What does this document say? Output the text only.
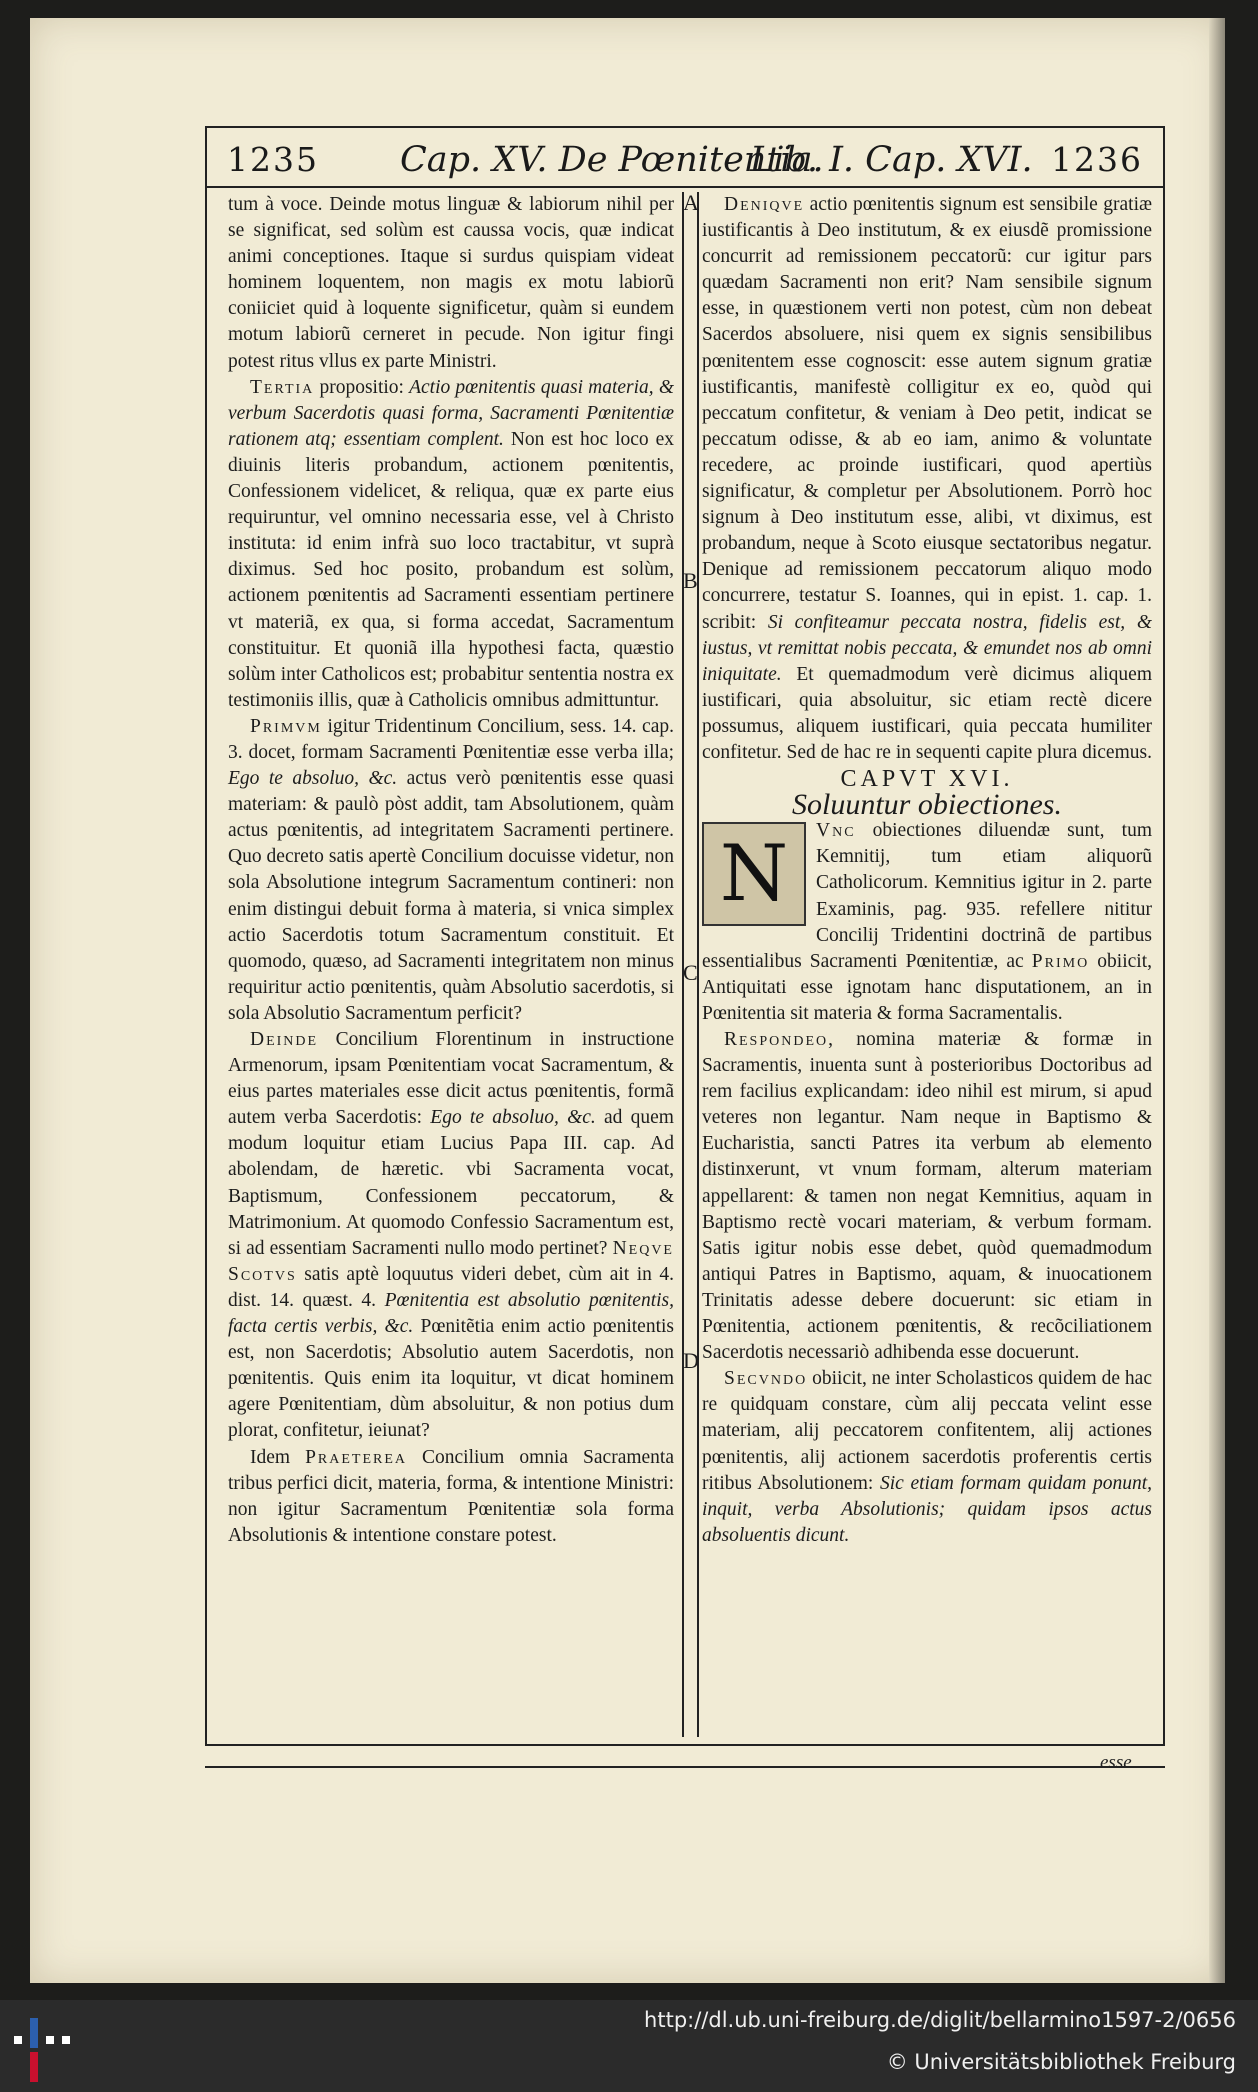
1235 Cap. XV. De Pœnitentia.
Lib. I. Cap. XVI. 1236
A
B
C
D

tum à voce. Deinde motus linguæ & labiorum nihil per se significat, sed solùm est caussa vocis, quæ indicat animi conceptiones. Itaque si surdus quispiam videat hominem loquentem, non magis ex motu labiorũ coniiciet quid à loquente significetur, quàm si eundem motum labiorũ cerneret in pecude. Non igitur fingi potest ritus vllus ex parte Ministri.

Tertia propositio: Actio pœnitentis quasi materia, & verbum Sacerdotis quasi forma, Sacramenti Pœnitentiæ rationem atq; essentiam complent. Non est hoc loco ex diuinis literis probandum, actionem pœnitentis, Confessionem videlicet, & reliqua, quæ ex parte eius requiruntur, vel omnino necessaria esse, vel à Christo instituta: id enim infrà suo loco tractabitur, vt suprà diximus. Sed hoc posito, probandum est solùm, actionem pœnitentis ad Sacramenti essentiam pertinere vt materiã, ex qua, si forma accedat, Sacramentum constituitur. Et quoniã illa hypothesi facta, quæstio solùm inter Catholicos est; probabitur sententia nostra ex testimoniis illis, quæ à Catholicis omnibus admittuntur.

Primvm igitur Tridentinum Concilium, sess. 14. cap. 3. docet, formam Sacramenti Pœnitentiæ esse verba illa; Ego te absoluo, &c. actus verò pœnitentis esse quasi materiam: & paulò pòst addit, tam Absolutionem, quàm actus pœnitentis, ad integritatem Sacramenti pertinere. Quo decreto satis apertè Concilium docuisse videtur, non sola Absolutione integrum Sacramentum contineri: non enim distingui debuit forma à materia, si vnica simplex actio Sacerdotis totum Sacramentum constituit. Et quomodo, quæso, ad Sacramenti integritatem non minus requiritur actio pœnitentis, quàm Absolutio sacerdotis, si sola Absolutio Sacramentum perficit?

Deinde Concilium Florentinum in instructione Armenorum, ipsam Pœnitentiam vocat Sacramentum, & eius partes materiales esse dicit actus pœnitentis, formã autem verba Sacerdotis: Ego te absoluo, &c. ad quem modum loquitur etiam Lucius Papa III. cap. Ad abolendam, de hæretic. vbi Sacramenta vocat, Baptismum, Confessionem peccatorum, & Matrimonium. At quomodo Confessio Sacramentum est, si ad essentiam Sacramenti nullo modo pertinet? Neqve Scotvs satis aptè loquutus videri debet, cùm ait in 4. dist. 14. quæst. 4. Pœnitentia est absolutio pœnitentis, facta certis verbis, &c. Pœnitẽtia enim actio pœnitentis est, non Sacerdotis; Absolutio autem Sacerdotis, non pœnitentis. Quis enim ita loquitur, vt dicat hominem agere Pœnitentiam, dùm absoluitur, & non potius dum plorat, confitetur, ieiunat?

Idem Praeterea Concilium omnia Sacramenta tribus perfici dicit, materia, forma, & intentione Ministri: non igitur Sacramentum Pœnitentiæ sola forma Absolutionis & intentione constare potest.

Deniqve actio pœnitentis signum est sensibile gratiæ iustificantis à Deo institutum, & ex eiusdẽ promissione concurrit ad remissionem peccatorũ: cur igitur pars quædam Sacramenti non erit? Nam sensibile signum esse, in quæstionem verti non potest, cùm non debeat Sacerdos absoluere, nisi quem ex signis sensibilibus pœnitentem esse cognoscit: esse autem signum gratiæ iustificantis, manifestè colligitur ex eo, quòd qui peccatum confitetur, & veniam à Deo petit, indicat se peccatum odisse, & ab eo iam, animo & voluntate recedere, ac proinde iustificari, quod apertiùs significatur, & completur per Absolutionem. Porrò hoc signum à Deo institutum esse, alibi, vt diximus, est probandum, neque à Scoto eiusque sectatoribus negatur. Denique ad remissionem peccatorum aliquo modo concurrere, testatur S. Ioannes, qui in epist. 1. cap. 1. scribit: Si confiteamur peccata nostra, fidelis est, & iustus, vt remittat nobis peccata, & emundet nos ab omni iniquitate. Et quemadmodum verè dicimus aliquem iustificari, quia absoluitur, sic etiam rectè dicere possumus, aliquem iustificari, quia peccata humiliter confitetur. Sed de hac re in sequenti capite plura dicemus.

CAPVT XVI.

Soluuntur obiectiones.

N	Vnc obiectiones diluendæ sunt, tum Kemnitij, tum etiam aliquorũ Catholicorum. Kemnitius igitur in 2. parte Examinis, pag. 935. refellere nititur Concilij Tridentini doctrinã de partibus essentialibus Sacramenti Pœnitentiæ, ac Primo obiicit, Antiquitati esse ignotam hanc disputationem, an in Pœnitentia sit materia & forma Sacramentalis.

Respondeo, nomina materiæ & formæ in Sacramentis, inuenta sunt à posterioribus Doctoribus ad rem facilius explicandam: ideo nihil est mirum, si apud veteres non legantur. Nam neque in Baptismo & Eucharistia, sancti Patres ita verbum ab elemento distinxerunt, vt vnum formam, alterum materiam appellarent: & tamen non negat Kemnitius, aquam in Baptismo rectè vocari materiam, & verbum formam. Satis igitur nobis esse debet, quòd quemadmodum antiqui Patres in Baptismo, aquam, & inuocationem Trinitatis adesse debere docuerunt: sic etiam in Pœnitentia, actionem pœnitentis, & recõciliationem Sacerdotis necessariò adhibenda esse docuerunt.

Secvndo obiicit, ne inter Scholasticos quidem de hac re quidquam constare, cùm alij peccata velint esse materiam, alij peccatorem confitentem, alij actiones pœnitentis, alij actionem sacerdotis proferentis certis ritibus Absolutionem: Sic etiam formam quidam ponunt, inquit, verba Absolutionis; quidam ipsos actus absoluentis dicunt.

esse
http://dl.ub.uni-freiburg.de/diglit/bellarmino1597-2/0656
© Universitätsbibliothek Freiburg
